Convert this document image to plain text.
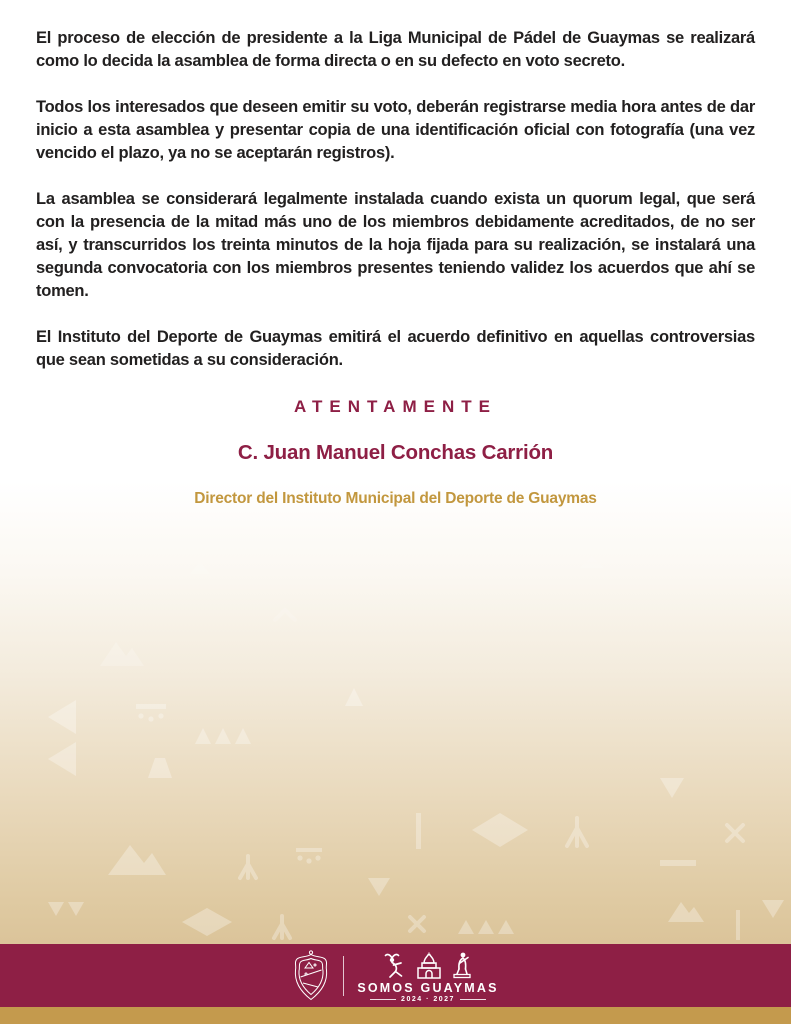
El proceso de elección de presidente a la Liga Municipal de Pádel de Guaymas se realizará como lo decida la asamblea de forma directa o en su defecto en voto secreto.

Todos los interesados que deseen emitir su voto, deberán registrarse media hora antes de dar inicio a esta asamblea y presentar copia de una identificación oficial con fotografía (una vez vencido el plazo, ya no se aceptarán registros).

La asamblea se considerará legalmente instalada cuando exista un quorum legal, que será con la presencia de la mitad más uno de los miembros debidamente acreditados, de no ser así, y transcurridos los treinta minutos de la hoja fijada para su realización, se instalará una segunda convocatoria con los miembros presentes teniendo validez los acuerdos que ahí se tomen.

El Instituto del Deporte de Guaymas emitirá el acuerdo definitivo en aquellas controversias que sean sometidas a su consideración.

ATENTAMENTE

C. Juan Manuel Conchas Carrión

Director del Instituto Municipal del Deporte de Guaymas

SOMOS GUAYMAS
2024 · 2027
